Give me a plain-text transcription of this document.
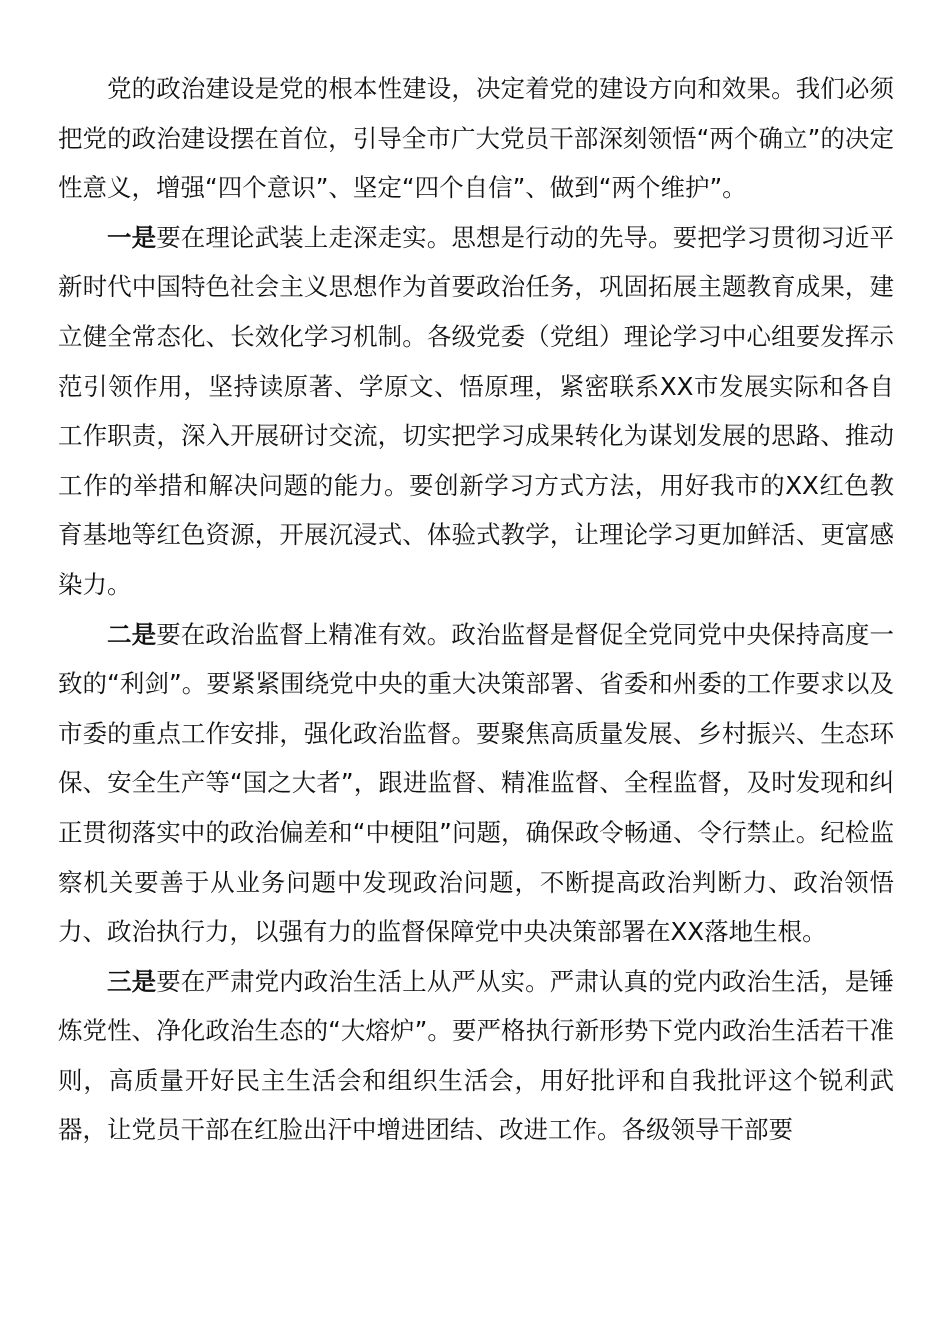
党的政治建设是党的根本性建设，决定着党的建设方向和效果。我们必须把党的政治建设摆在首位，引导全市广大党员干部深刻领悟“两个确立”的决定性意义，增强“四个意识”、坚定“四个自信”、做到“两个维护”。

一是要在理论武装上走深走实。思想是行动的先导。要把学习贯彻习近平新时代中国特色社会主义思想作为首要政治任务，巩固拓展主题教育成果，建立健全常态化、长效化学习机制。各级党委（党组）理论学习中心组要发挥示范引领作用，坚持读原著、学原文、悟原理，紧密联系XX市发展实际和各自工作职责，深入开展研讨交流，切实把学习成果转化为谋划发展的思路、推动工作的举措和解决问题的能力。要创新学习方式方法，用好我市的XX红色教育基地等红色资源，开展沉浸式、体验式教学，让理论学习更加鲜活、更富感染力。

二是要在政治监督上精准有效。政治监督是督促全党同党中央保持高度一致的“利剑”。要紧紧围绕党中央的重大决策部署、省委和州委的工作要求以及市委的重点工作安排，强化政治监督。要聚焦高质量发展、乡村振兴、生态环保、安全生产等“国之大者”，跟进监督、精准监督、全程监督，及时发现和纠正贯彻落实中的政治偏差和“中梗阻”问题，确保政令畅通、令行禁止。纪检监察机关要善于从业务问题中发现政治问题，不断提高政治判断力、政治领悟力、政治执行力，以强有力的监督保障党中央决策部署在XX落地生根。

三是要在严肃党内政治生活上从严从实。严肃认真的党内政治生活，是锤炼党性、净化政治生态的“大熔炉”。要严格执行新形势下党内政治生活若干准则，高质量开好民主生活会和组织生活会，用好批评和自我批评这个锐利武器，让党员干部在红脸出汗中增进团结、改进工作。各级领导干部要
